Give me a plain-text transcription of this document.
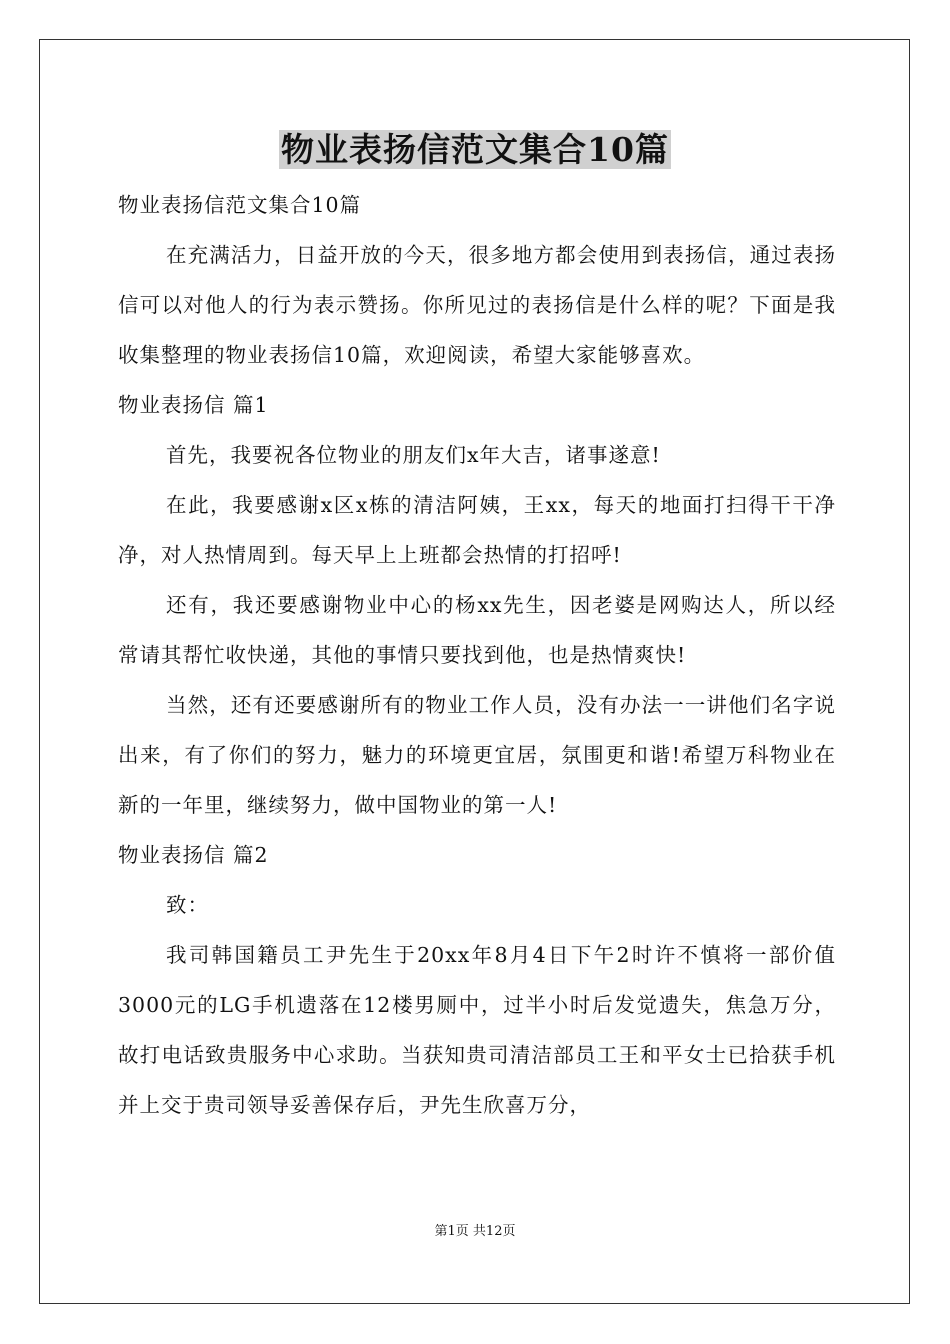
物业表扬信范文集合10篇

物业表扬信范文集合10篇

在充满活力，日益开放的今天，很多地方都会使用到表扬信，通过表扬信可以对他人的行为表示赞扬。你所见过的表扬信是什么样的呢？下面是我收集整理的物业表扬信10篇，欢迎阅读，希望大家能够喜欢。

物业表扬信 篇1

首先，我要祝各位物业的朋友们x年大吉，诸事遂意!

在此，我要感谢x区x栋的清洁阿姨，王xx，每天的地面打扫得干干净净，对人热情周到。每天早上上班都会热情的打招呼!

还有，我还要感谢物业中心的杨xx先生，因老婆是网购达人，所以经常请其帮忙收快递，其他的事情只要找到他，也是热情爽快!

当然，还有还要感谢所有的物业工作人员，没有办法一一讲他们名字说出来，有了你们的努力，魅力的环境更宜居，氛围更和谐!希望万科物业在新的一年里，继续努力，做中国物业的第一人!

物业表扬信 篇2

致：

我司韩国籍员工尹先生于20xx年8月4日下午2时许不慎将一部价值3000元的LG手机遗落在12楼男厕中，过半小时后发觉遗失，焦急万分，故打电话致贵服务中心求助。当获知贵司清洁部员工王和平女士已拾获手机并上交于贵司领导妥善保存后，尹先生欣喜万分，

第1页 共12页
